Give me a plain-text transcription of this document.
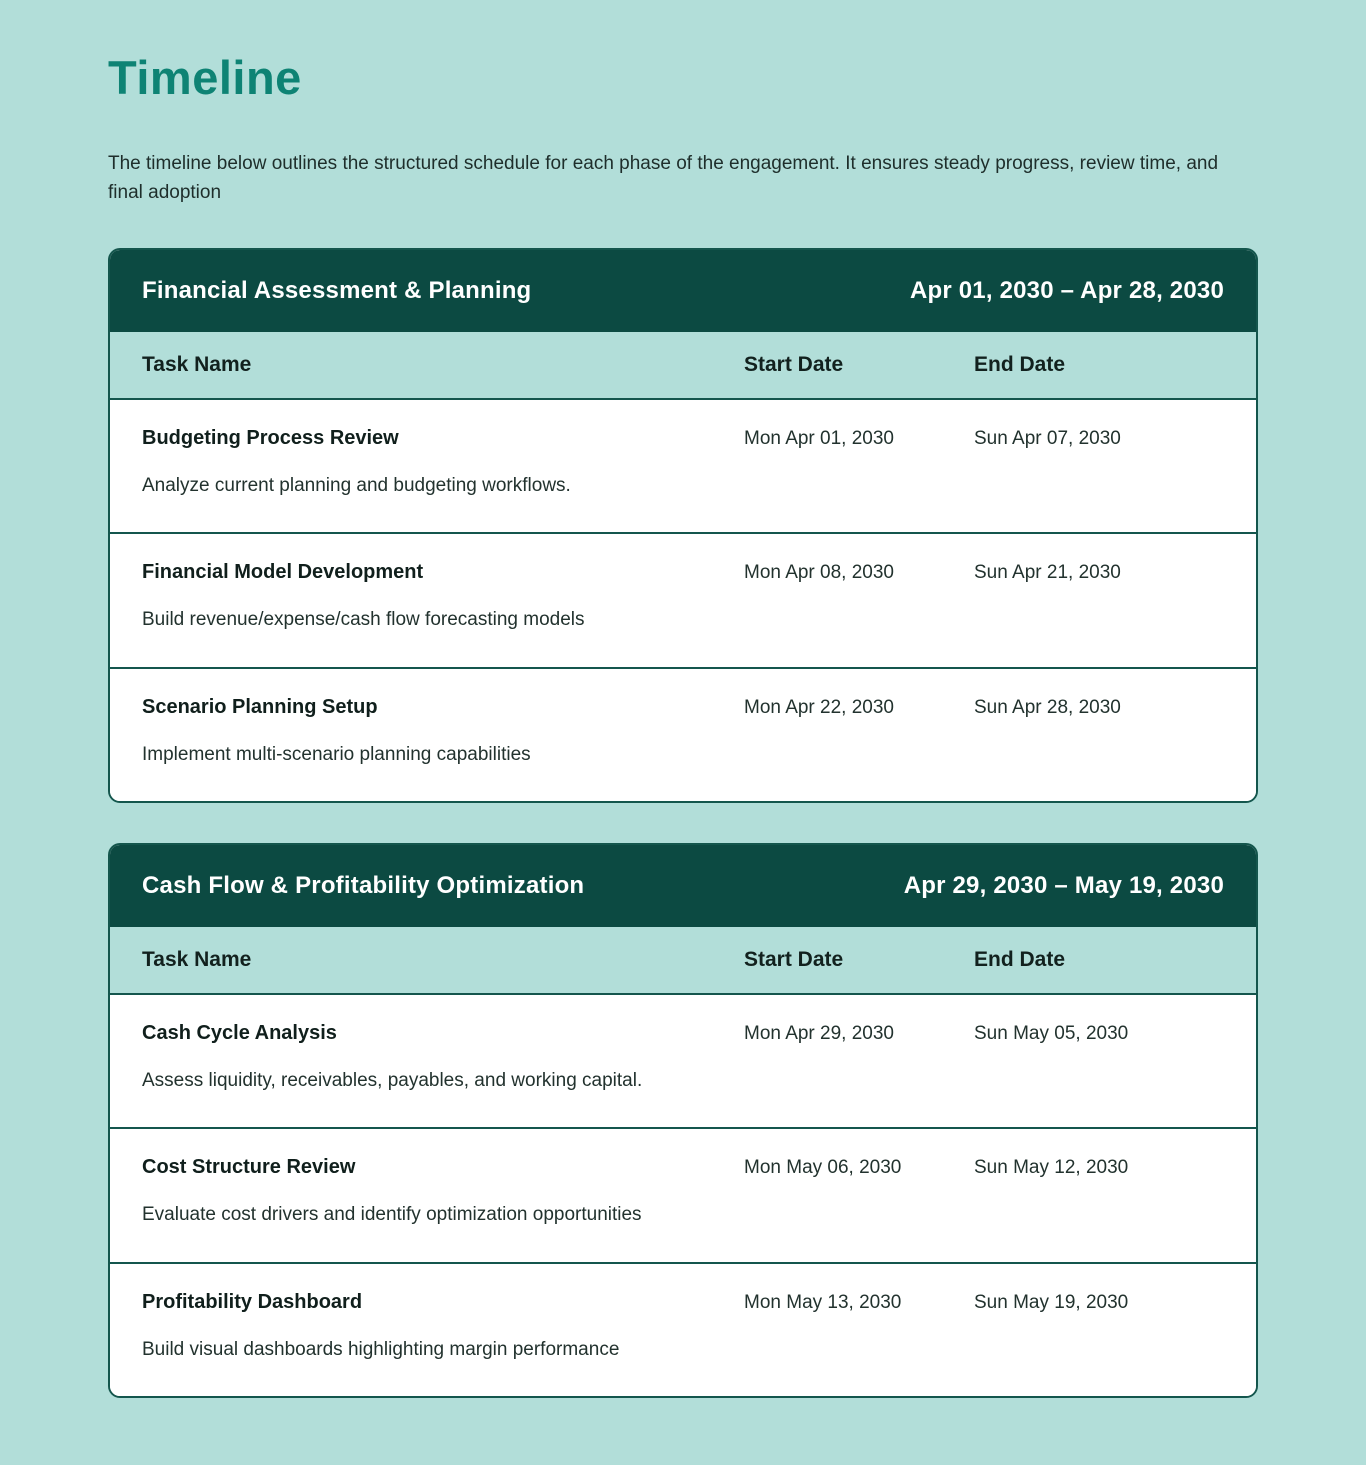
Timeline

The timeline below outlines the structured schedule for each phase of the engagement. It ensures steady progress, review time, and final adoption

Financial Assessment & Planning	Apr 01, 2030 – Apr 28, 2030
Task Name	Start Date	End Date
Budgeting Process Review
Analyze current planning and budgeting workflows.
Mon Apr 01, 2030	Sun Apr 07, 2030
Financial Model Development
Build revenue/expense/cash flow forecasting models
Mon Apr 08, 2030	Sun Apr 21, 2030
Scenario Planning Setup
Implement multi-scenario planning capabilities
Mon Apr 22, 2030	Sun Apr 28, 2030
Cash Flow & Profitability Optimization	Apr 29, 2030 – May 19, 2030
Task Name	Start Date	End Date
Cash Cycle Analysis
Assess liquidity, receivables, payables, and working capital.
Mon Apr 29, 2030	Sun May 05, 2030
Cost Structure Review
Evaluate cost drivers and identify optimization opportunities
Mon May 06, 2030	Sun May 12, 2030
Profitability Dashboard
Build visual dashboards highlighting margin performance
Mon May 13, 2030	Sun May 19, 2030
